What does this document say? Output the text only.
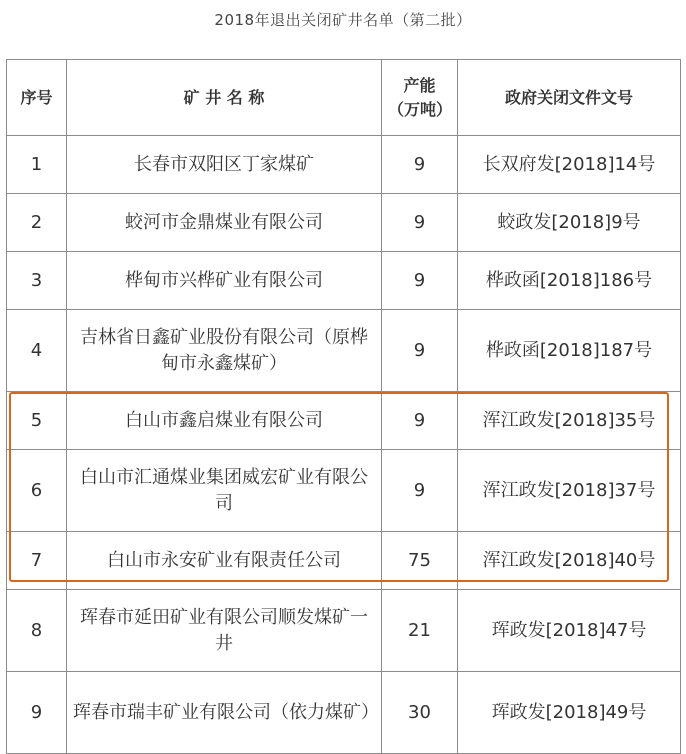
2018年退出关闭矿井名单（第二批）
序号	矿 井 名 称	产能（万吨）	政府关闭文件文号
1	长春市双阳区丁家煤矿	9	长双府发[2018]14号
2	蛟河市金鼎煤业有限公司	9	蛟政发[2018]9号
3	桦甸市兴桦矿业有限公司	9	桦政函[2018]186号
4	吉林省日鑫矿业股份有限公司（原桦甸市永鑫煤矿）	9	桦政函[2018]187号
5	白山市鑫启煤业有限公司	9	浑江政发[2018]35号
6	白山市汇通煤业集团威宏矿业有限公司	9	浑江政发[2018]37号
7	白山市永安矿业有限责任公司	75	浑江政发[2018]40号
8	珲春市延田矿业有限公司顺发煤矿一井	21	珲政发[2018]47号
9	珲春市瑞丰矿业有限公司（依力煤矿）	30	珲政发[2018]49号
